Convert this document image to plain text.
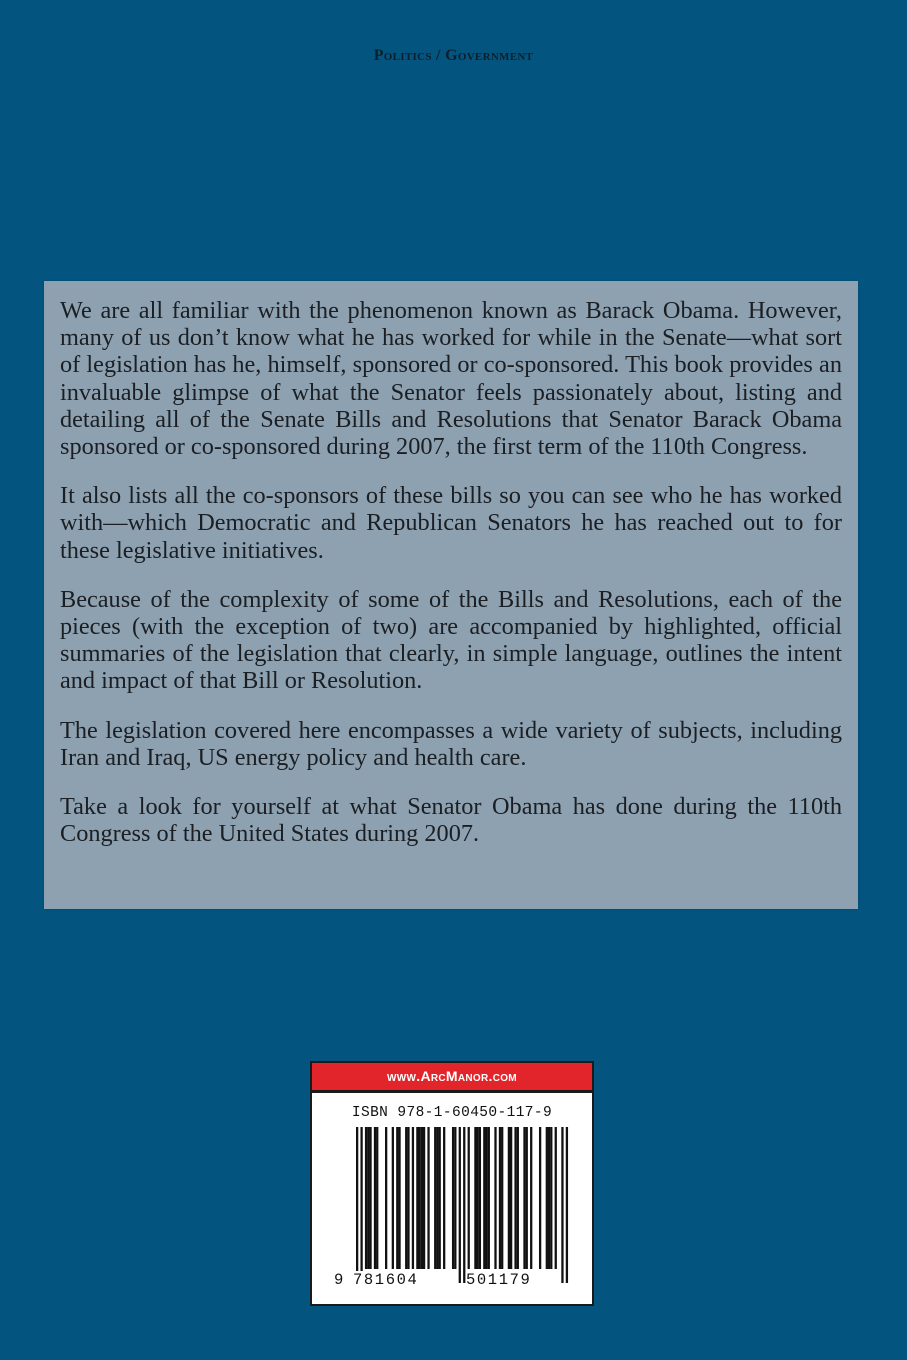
Politics / Government

We are all familiar with the phenomenon known as Barack Obama. However, many of us don’t know what he has worked for while in the Senate—what sort of legislation has he, himself, sponsored or co-sponsored. This book provides an invaluable glimpse of what the Senator feels passionately about, listing and detailing all of the Senate Bills and Resolutions that Senator Barack Obama sponsored or co-sponsored during 2007, the first term of the 110th Congress.

It also lists all the co-sponsors of these bills so you can see who he has worked with—which Democratic and Republican Senators he has reached out to for these legislative initiatives.

Because of the complexity of some of the Bills and Resolutions, each of the pieces (with the exception of two) are accompanied by highlighted, official summaries of the legislation that clearly, in simple language, outlines the intent and impact of that Bill or Resolution.

The legislation covered here encompasses a wide variety of subjects, including Iran and Iraq, US energy policy and health care.

Take a look for yourself at what Senator Obama has done during the 110th Congress of the United States during 2007.

www.ArcManor.com
ISBN 978-1-60450-117-9
9 781604	501179
